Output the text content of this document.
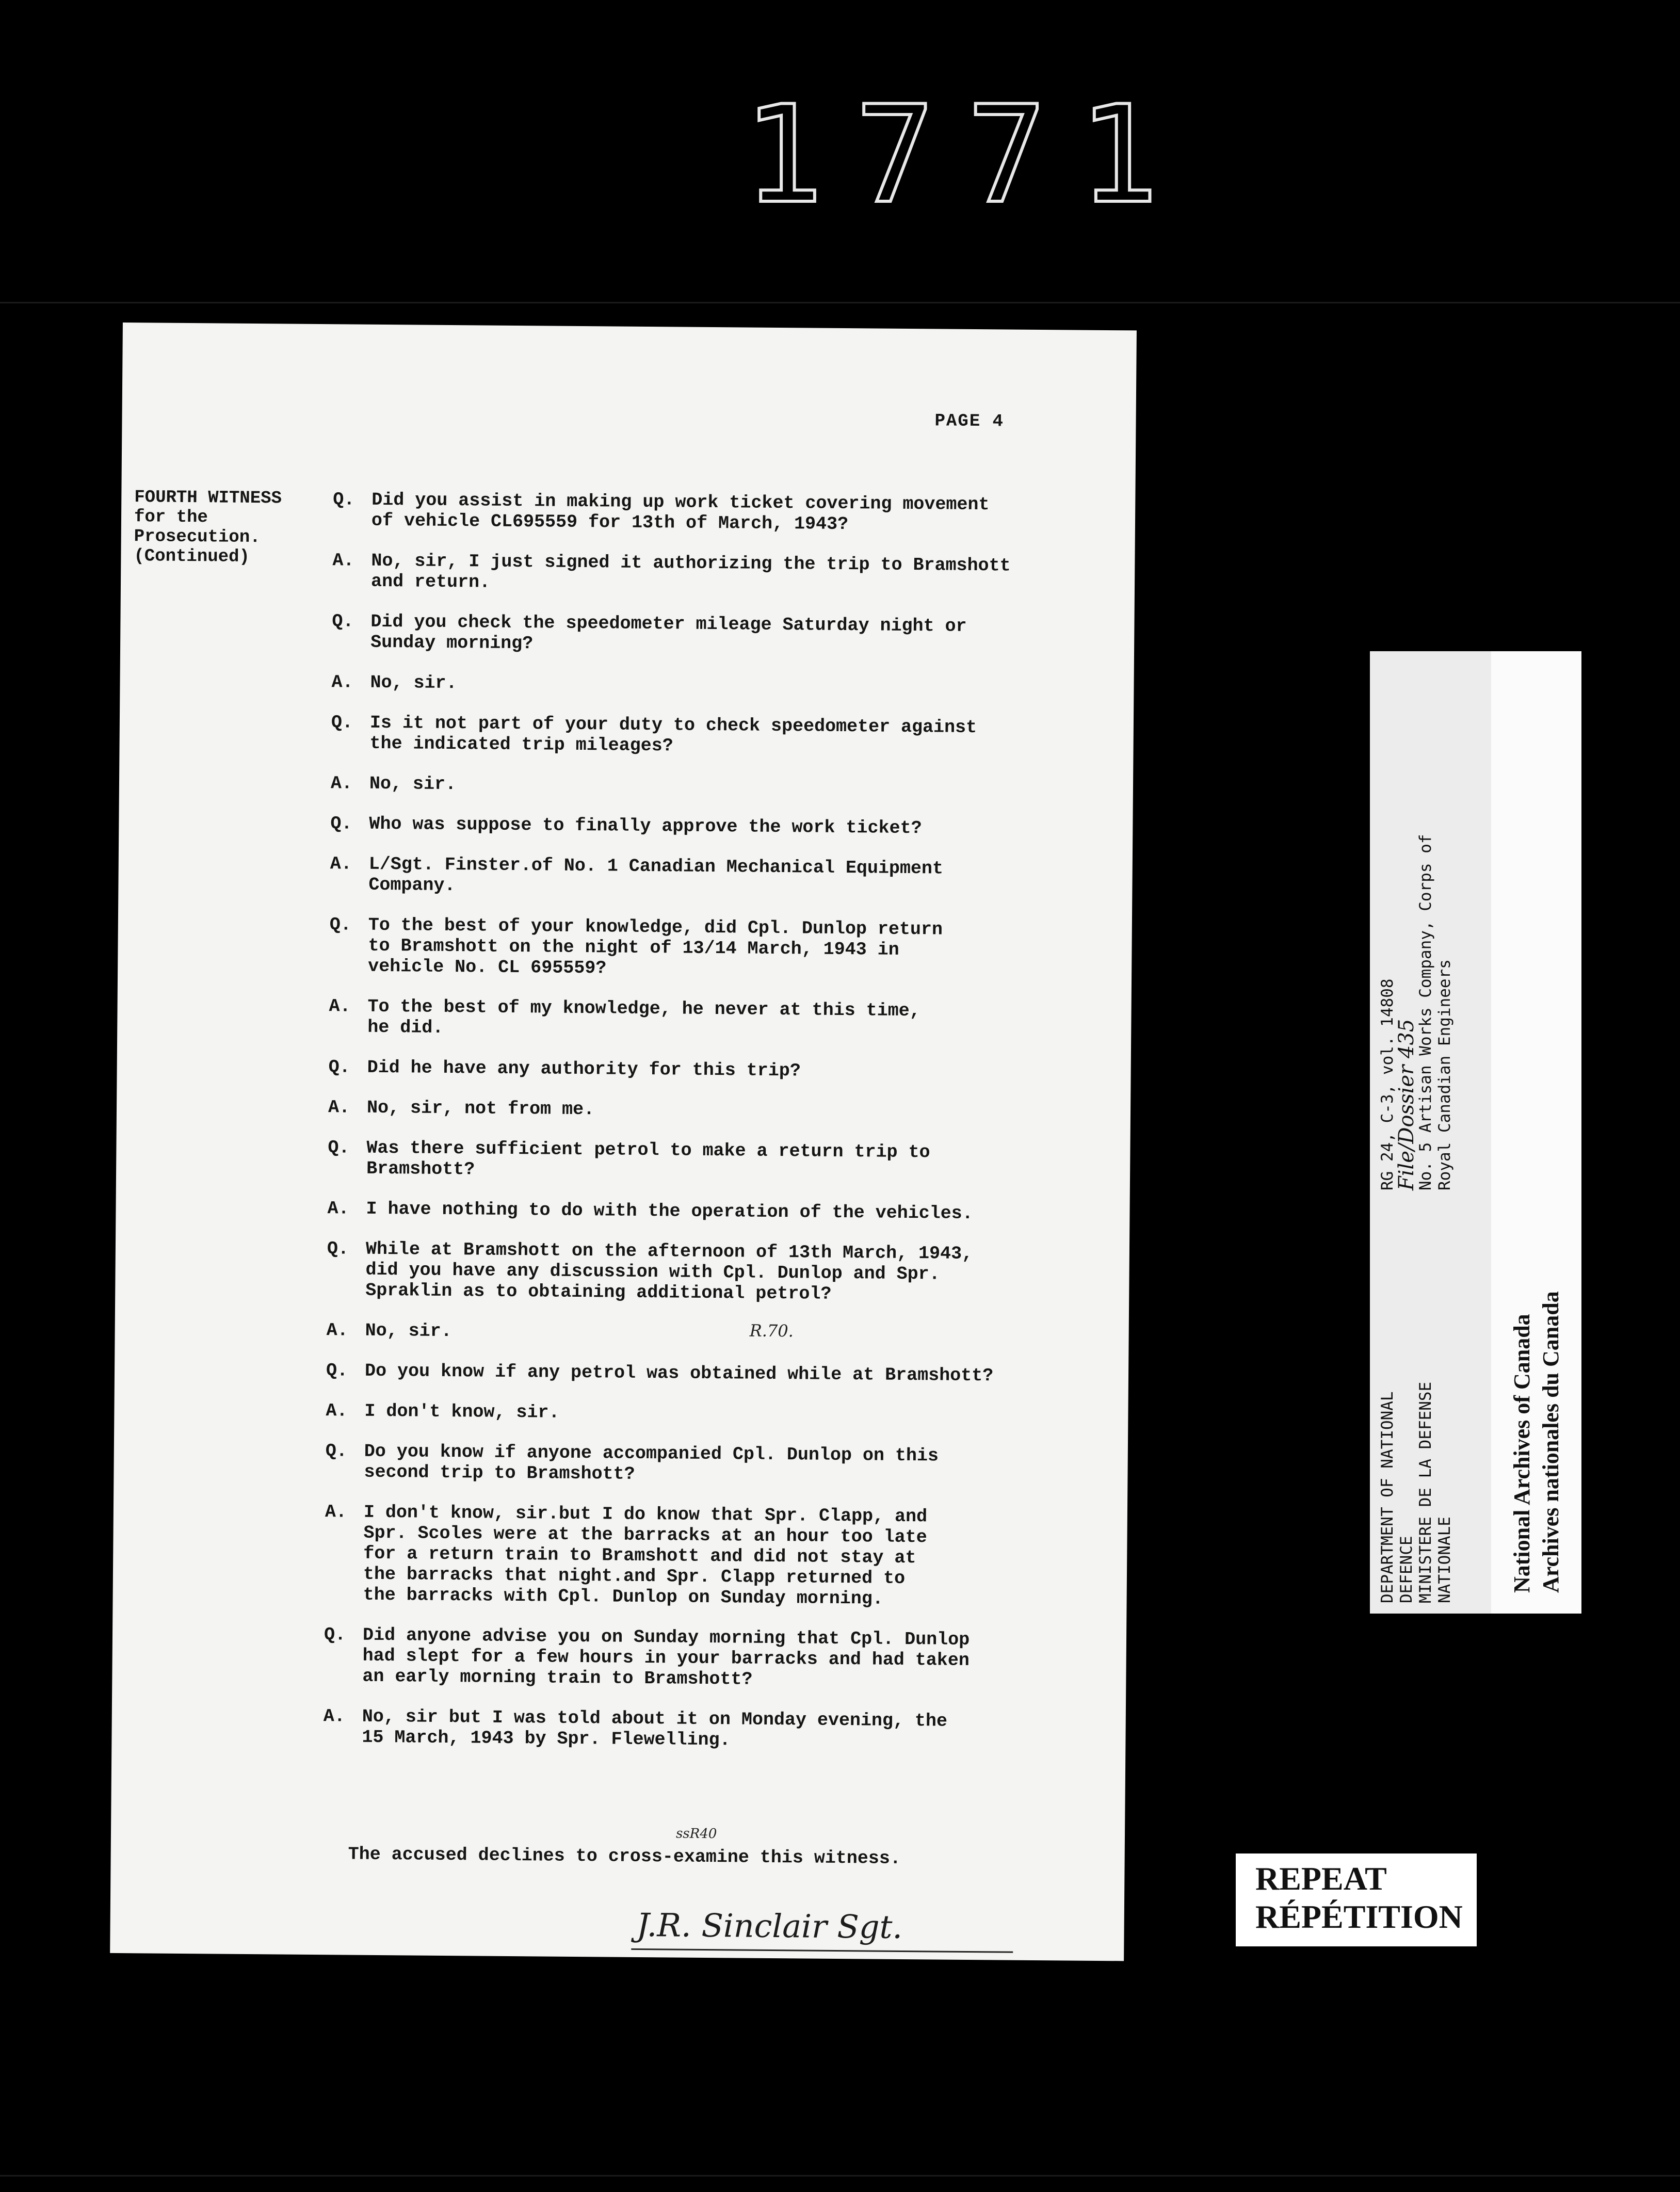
1771
PAGE 4
FOURTH WITNESS
for the
Prosecution.
(Continued)
Q. Did you assist in making up work ticket covering movement
of vehicle CL695559 for 13th of March, 1943?
A. No, sir, I just signed it authorizing the trip to Bramshott
and return.
Q. Did you check the speedometer mileage Saturday night or
Sunday morning?
A. No, sir.
Q. Is it not part of your duty to check speedometer against
the indicated trip mileages?
A. No, sir.
Q. Who was suppose to finally approve the work ticket?
A. L/Sgt. Finster.of No. 1 Canadian Mechanical Equipment
Company.
Q. To the best of your knowledge, did Cpl. Dunlop return
to Bramshott on the night of 13/14 March, 1943 in
vehicle No. CL 695559?
A. To the best of my knowledge, he never at this time,
he did.
Q. Did he have any authority for this trip?
A. No, sir, not from me.
Q. Was there sufficient petrol to make a return trip to
Bramshott?
A. I have nothing to do with the operation of the vehicles.
Q. While at Bramshott on the afternoon of 13th March, 1943,
did you have any discussion with Cpl. Dunlop and Spr.
Spraklin as to obtaining additional petrol?
A. No, sir.
Q. Do you know if any petrol was obtained while at Bramshott?
A. I don't know, sir.
Q. Do you know if anyone accompanied Cpl. Dunlop on this
second trip to Bramshott?
A. I don't know, sir.but I do know that Spr. Clapp, and
Spr. Scoles were at the barracks at an hour too late
for a return train to Bramshott and did not stay at
the barracks that night.and Spr. Clapp returned to
the barracks with Cpl. Dunlop on Sunday morning.
Q. Did anyone advise you on Sunday morning that Cpl. Dunlop
had slept for a few hours in your barracks and had taken
an early morning train to Bramshott?
A. No, sir but I was told about it on Monday evening, the
15 March, 1943 by Spr. Flewelling.
R.70.
ssR40
The accused declines to cross-examine this witness.
J.R. Sinclair Sgt.
DEPARTMENT OF NATIONAL DEFENCE MINISTERE DE LA DEFENSE NATIONALE
RG 24, C-3, vol. 14808
File/Dossier 435
No. 5 Artisan Works Company, Corps of Royal Canadian Engineers
National Archives of Canada Archives nationales du Canada
REPEAT
RÉPÉTITION
